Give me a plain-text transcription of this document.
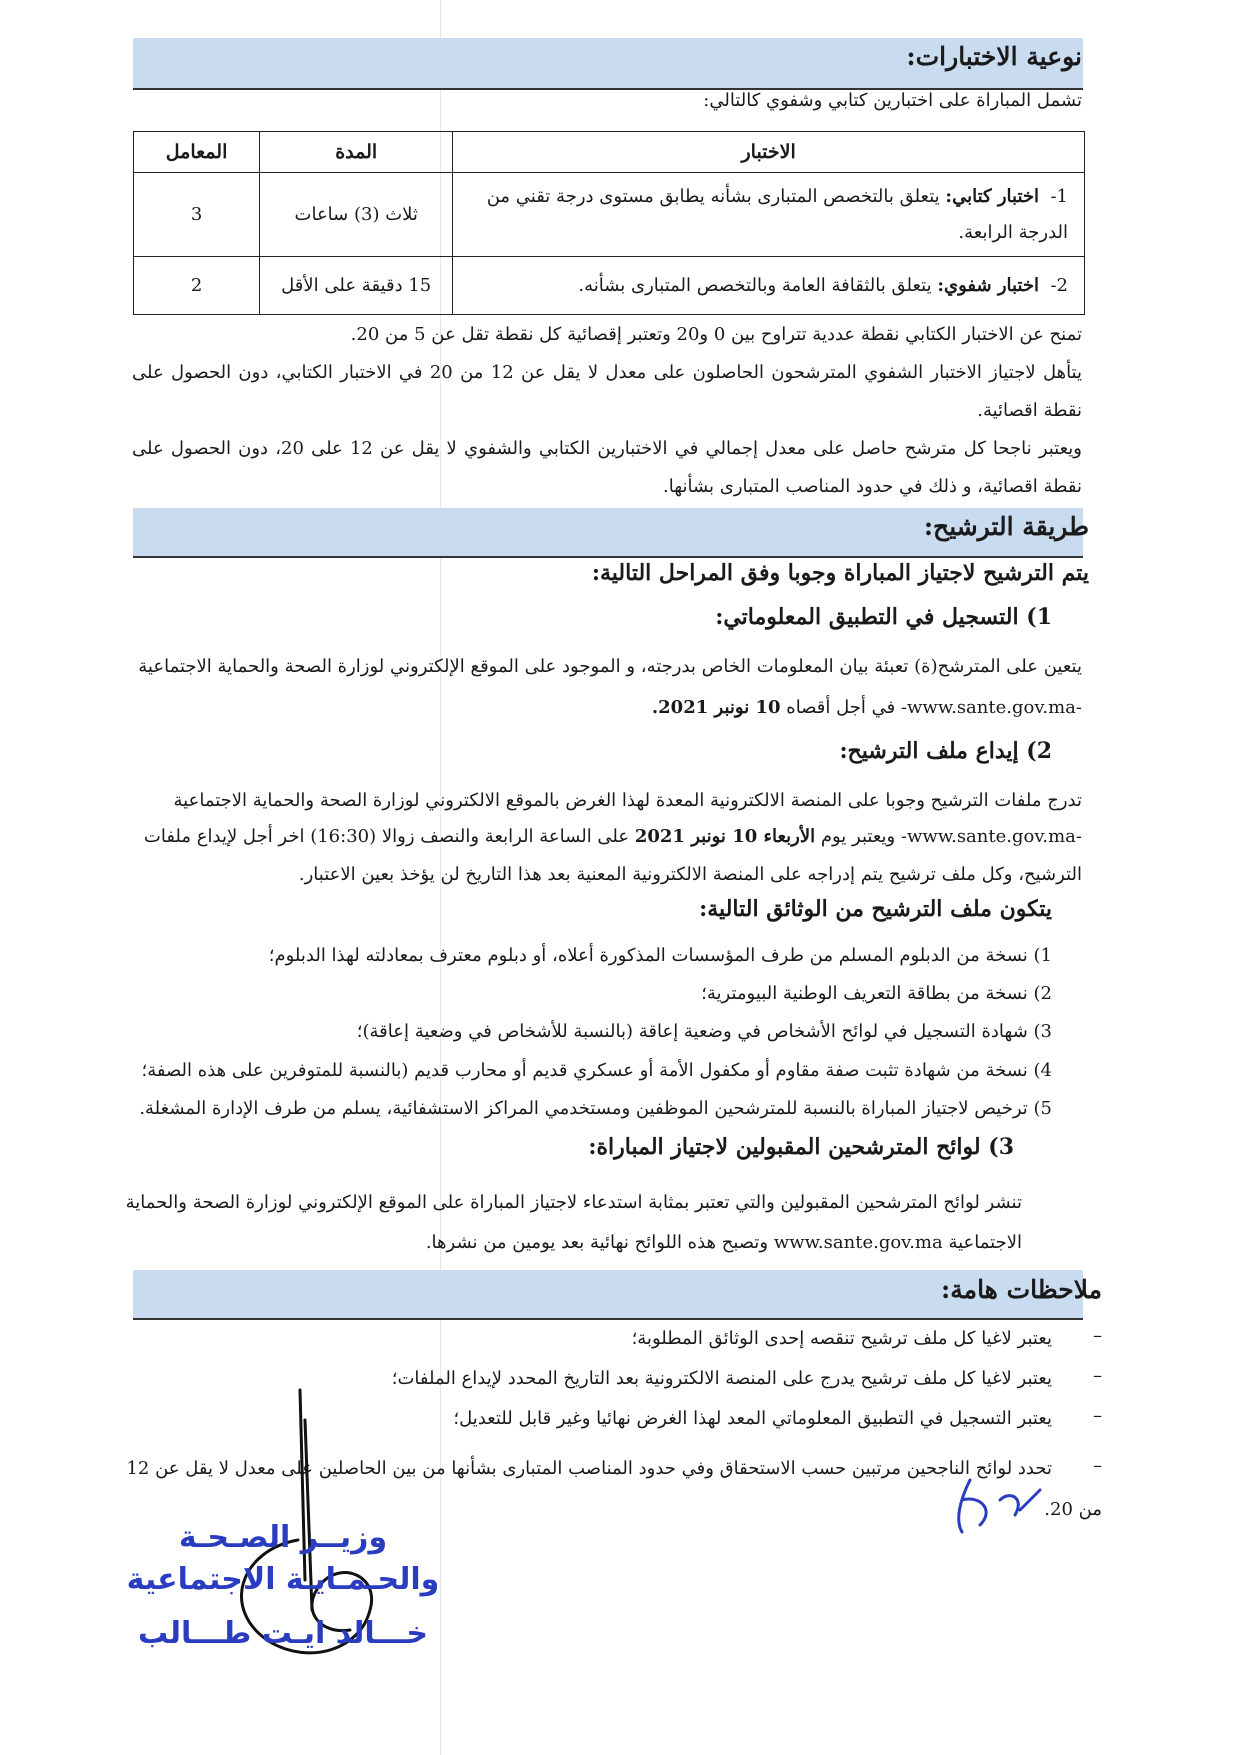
نوعية الاختبارات:
تشمل المباراة على اختبارين كتابي وشفوي كالتالي:
الاختبار	المدة	المعامل
1-  اختبار كتابي: يتعلق بالتخصص المتبارى بشأنه يطابق مستوى درجة تقني من الدرجة الرابعة.	ثلاث (3) ساعات	3
2-  اختبار شفوي: يتعلق بالثقافة العامة وبالتخصص المتبارى بشأنه.	15 دقيقة على الأقل	2
تمنح عن الاختبار الكتابي نقطة عددية تتراوح بين 0 و20 وتعتبر إقصائية كل نقطة تقل عن 5 من 20.
يتأهل لاجتياز الاختبار الشفوي المترشحون الحاصلون على معدل لا يقل عن 12 من 20 في الاختبار الكتابي، دون الحصول على نقطة اقصائية.
ويعتبر ناجحا كل مترشح حاصل على معدل إجمالي في الاختبارين الكتابي والشفوي لا يقل عن 12 على 20، دون الحصول على نقطة اقصائية، و ذلك في حدود المناصب المتبارى بشأنها.
طريقة الترشيح:
يتم الترشيح لاجتياز المباراة وجوبا وفق المراحل التالية:
1) التسجيل في التطبيق المعلوماتي:
يتعين على المترشح(ة) تعبئة بيان المعلومات الخاص بدرجته، و الموجود على الموقع الإلكتروني لوزارة الصحة والحماية الاجتماعية
-www.sante.gov.ma- في أجل أقصاه 10 نونبر 2021.
2) إيداع ملف الترشيح:
تدرج ملفات الترشيح وجوبا على المنصة الالكترونية المعدة لهذا الغرض بالموقع الالكتروني لوزارة الصحة والحماية الاجتماعية
-www.sante.gov.ma- ويعتبر يوم الأربعاء 10 نونبر 2021 على الساعة الرابعة والنصف زوالا (16:30) اخر أجل لإيداع ملفات
الترشيح، وكل ملف ترشيح يتم إدراجه على المنصة الالكترونية المعنية بعد هذا التاريخ لن يؤخذ بعين الاعتبار.
يتكون ملف الترشيح من الوثائق التالية:
1) نسخة من الدبلوم المسلم من طرف المؤسسات المذكورة أعلاه، أو دبلوم معترف بمعادلته لهذا الدبلوم؛
2) نسخة من بطاقة التعريف الوطنية البيومترية؛
3) شهادة التسجيل في لوائح الأشخاص في وضعية إعاقة (بالنسبة للأشخاص في وضعية إعاقة)؛
4) نسخة من شهادة تثبت صفة مقاوم أو مكفول الأمة أو عسكري قديم أو محارب قديم (بالنسبة للمتوفرين على هذه الصفة؛
5) ترخيص لاجتياز المباراة بالنسبة للمترشحين الموظفين ومستخدمي المراكز الاستشفائية، يسلم من طرف الإدارة المشغلة.
3) لوائح المترشحين المقبولين لاجتياز المباراة:
تنشر لوائح المترشحين المقبولين والتي تعتبر بمثابة استدعاء لاجتياز المباراة على الموقع الإلكتروني لوزارة الصحة والحماية
الاجتماعية www.sante.gov.ma وتصبح هذه اللوائح نهائية بعد يومين من نشرها.
ملاحظات هامة:
–
يعتبر لاغيا كل ملف ترشيح تنقصه إحدى الوثائق المطلوبة؛
–
يعتبر لاغيا كل ملف ترشيح يدرج على المنصة الالكترونية بعد التاريخ المحدد لإيداع الملفات؛
–
يعتبر التسجيل في التطبيق المعلوماتي المعد لهذا الغرض نهائيا وغير قابل للتعديل؛
–
تحدد لوائح الناجحين مرتبين حسب الاستحقاق وفي حدود المناصب المتبارى بشأنها من بين الحاصلين على معدل لا يقل عن 12
من 20.
وزيــر الصـحـة
والحـمـايـة الاجتماعية
خـــالد ايـت طـــالب
